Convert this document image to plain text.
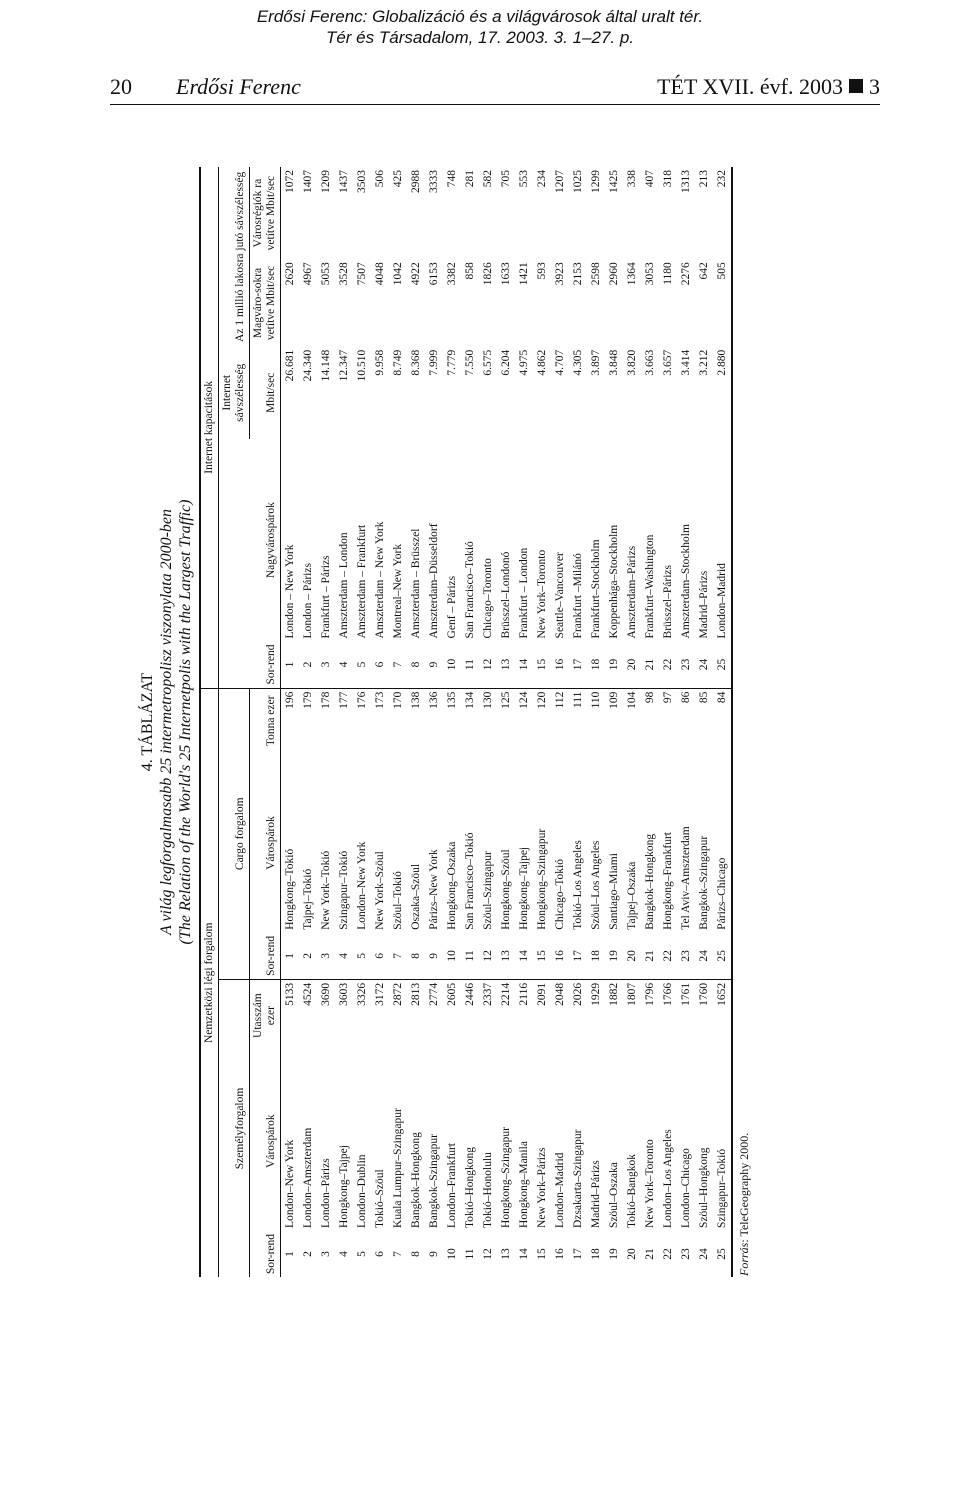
Erdősi Ferenc: Globalizáció és a világvárosok által uralt tér.
Tér és Társadalom, 17. 2003. 3. 1–27. p.
20 Erdősi Ferenc	TÉT XVII. évf. 2003 3
4. TÁBLÁZAT A világ legforgalmasabb 25 intermetropolisz viszonylata 2000-ben (The Relation of the World's 25 Internetpolis with the Largest Traffic)
Nemzetközi légi forgalom						Internet kapacitások				
Személyforgalom			Cargo forgalom					Internet sávszélesség	Az 1 millió lakosra jutó sávszélesség	
Sor-rend	Várospárok	Utasszám ezer	Sor-rend	Várospárok	Tonna ezer	Sor-rend	Nagyvárospárok	Mbit/sec	Magváro-sokra vetítve Mbit/sec	Városrégiók ra vetítve Mbit/sec
1	London–New York	5133	1	Hongkong–Tokió	196	1	London – New York	26.681	2620	1072
2	London–Amszterdam	4524	2	Tajpej–Tokió	179	2	London – Párizs	24.340	4967	1407
3	London–Párizs	3690	3	New York–Tokió	178	3	Frankfurt – Párizs	14.148	5053	1209
4	Hongkong–Tajpej	3603	4	Szingapur–Tokió	177	4	Amszterdam – London	12.347	3528	1437
5	London–Dublin	3326	5	London–New York	176	5	Amszterdam – Frankfurt	10.510	7507	3503
6	Tokió–Szöul	3172	6	New York–Szöul	173	6	Amszterdam – New York	9.958	4048	506
7	Kuala Lumpur–Szingapur	2872	7	Szöul–Tokió	170	7	Montreal–New York	8.749	1042	425
8	Bangkok–Hongkong	2813	8	Oszaka–Szöul	138	8	Amszterdam – Brüsszel	8.368	4922	2988
9	Bangkok–Szingapur	2774	9	Párizs–New York	136	9	Amszterdam–Düsseldorf	7.999	6153	3333
10	London–Frankfurt	2605	10	Hongkong–Oszaka	135	10	Genf – Párizs	7.779	3382	748
11	Tokió–Hongkong	2446	11	San Francisco–Tokió	134	11	San Francisco–Tokió	7.550	858	281
12	Tokió–Honolulu	2337	12	Szöul–Szingapur	130	12	Chicago–Toronto	6.575	1826	582
13	Hongkong–Szingapur	2214	13	Hongkong–Szöul	125	13	Brüsszel–Londonó	6.204	1633	705
14	Hongkong–Manila	2116	14	Hongkong–Tajpej	124	14	Frankfurt – London	4.975	1421	553
15	New York–Párizs	2091	15	Hongkong–Szingapur	120	15	New York–Toronto	4.862	593	234
16	London–Madrid	2048	16	Chicago–Tokió	112	16	Seattle–Vancouver	4.707	3923	1207
17	Dzsakarta–Szingapur	2026	17	Tokió–Los Angeles	111	17	Frankfurt –Milánó	4.305	2153	1025
18	Madrid–Párizs	1929	18	Szöul–Los Angeles	110	18	Frankfurt–Stockholm	3.897	2598	1299
19	Szöul–Oszaka	1882	19	Santiago–Miami	109	19	Koppenhága–Stockholm	3.848	2960	1425
20	Tokió–Bangkok	1807	20	Tajpej–Oszaka	104	20	Amszterdam–Párizs	3.820	1364	338
21	New York–Toronto	1796	21	Bangkok–Hongkong	98	21	Frankfurt–Washington	3.663	3053	407
22	London–Los Angeles	1766	22	Hongkong–Frankfurt	97	22	Brüsszel–Párizs	3.657	1180	318
23	London–Chicago	1761	23	Tel Aviv–Amszterdam	86	23	Amszterdam–Stockholm	3.414	2276	1313
24	Szöul–Hongkong	1760	24	Bangkok–Szingapur	85	24	Madrid–Párizs	3.212	642	213
25	Szingapur–Tokió	1652	25	Párizs–Chicago	84	25	London–Madrid	2.880	505	232
Forrás: TeleGeography 2000.
